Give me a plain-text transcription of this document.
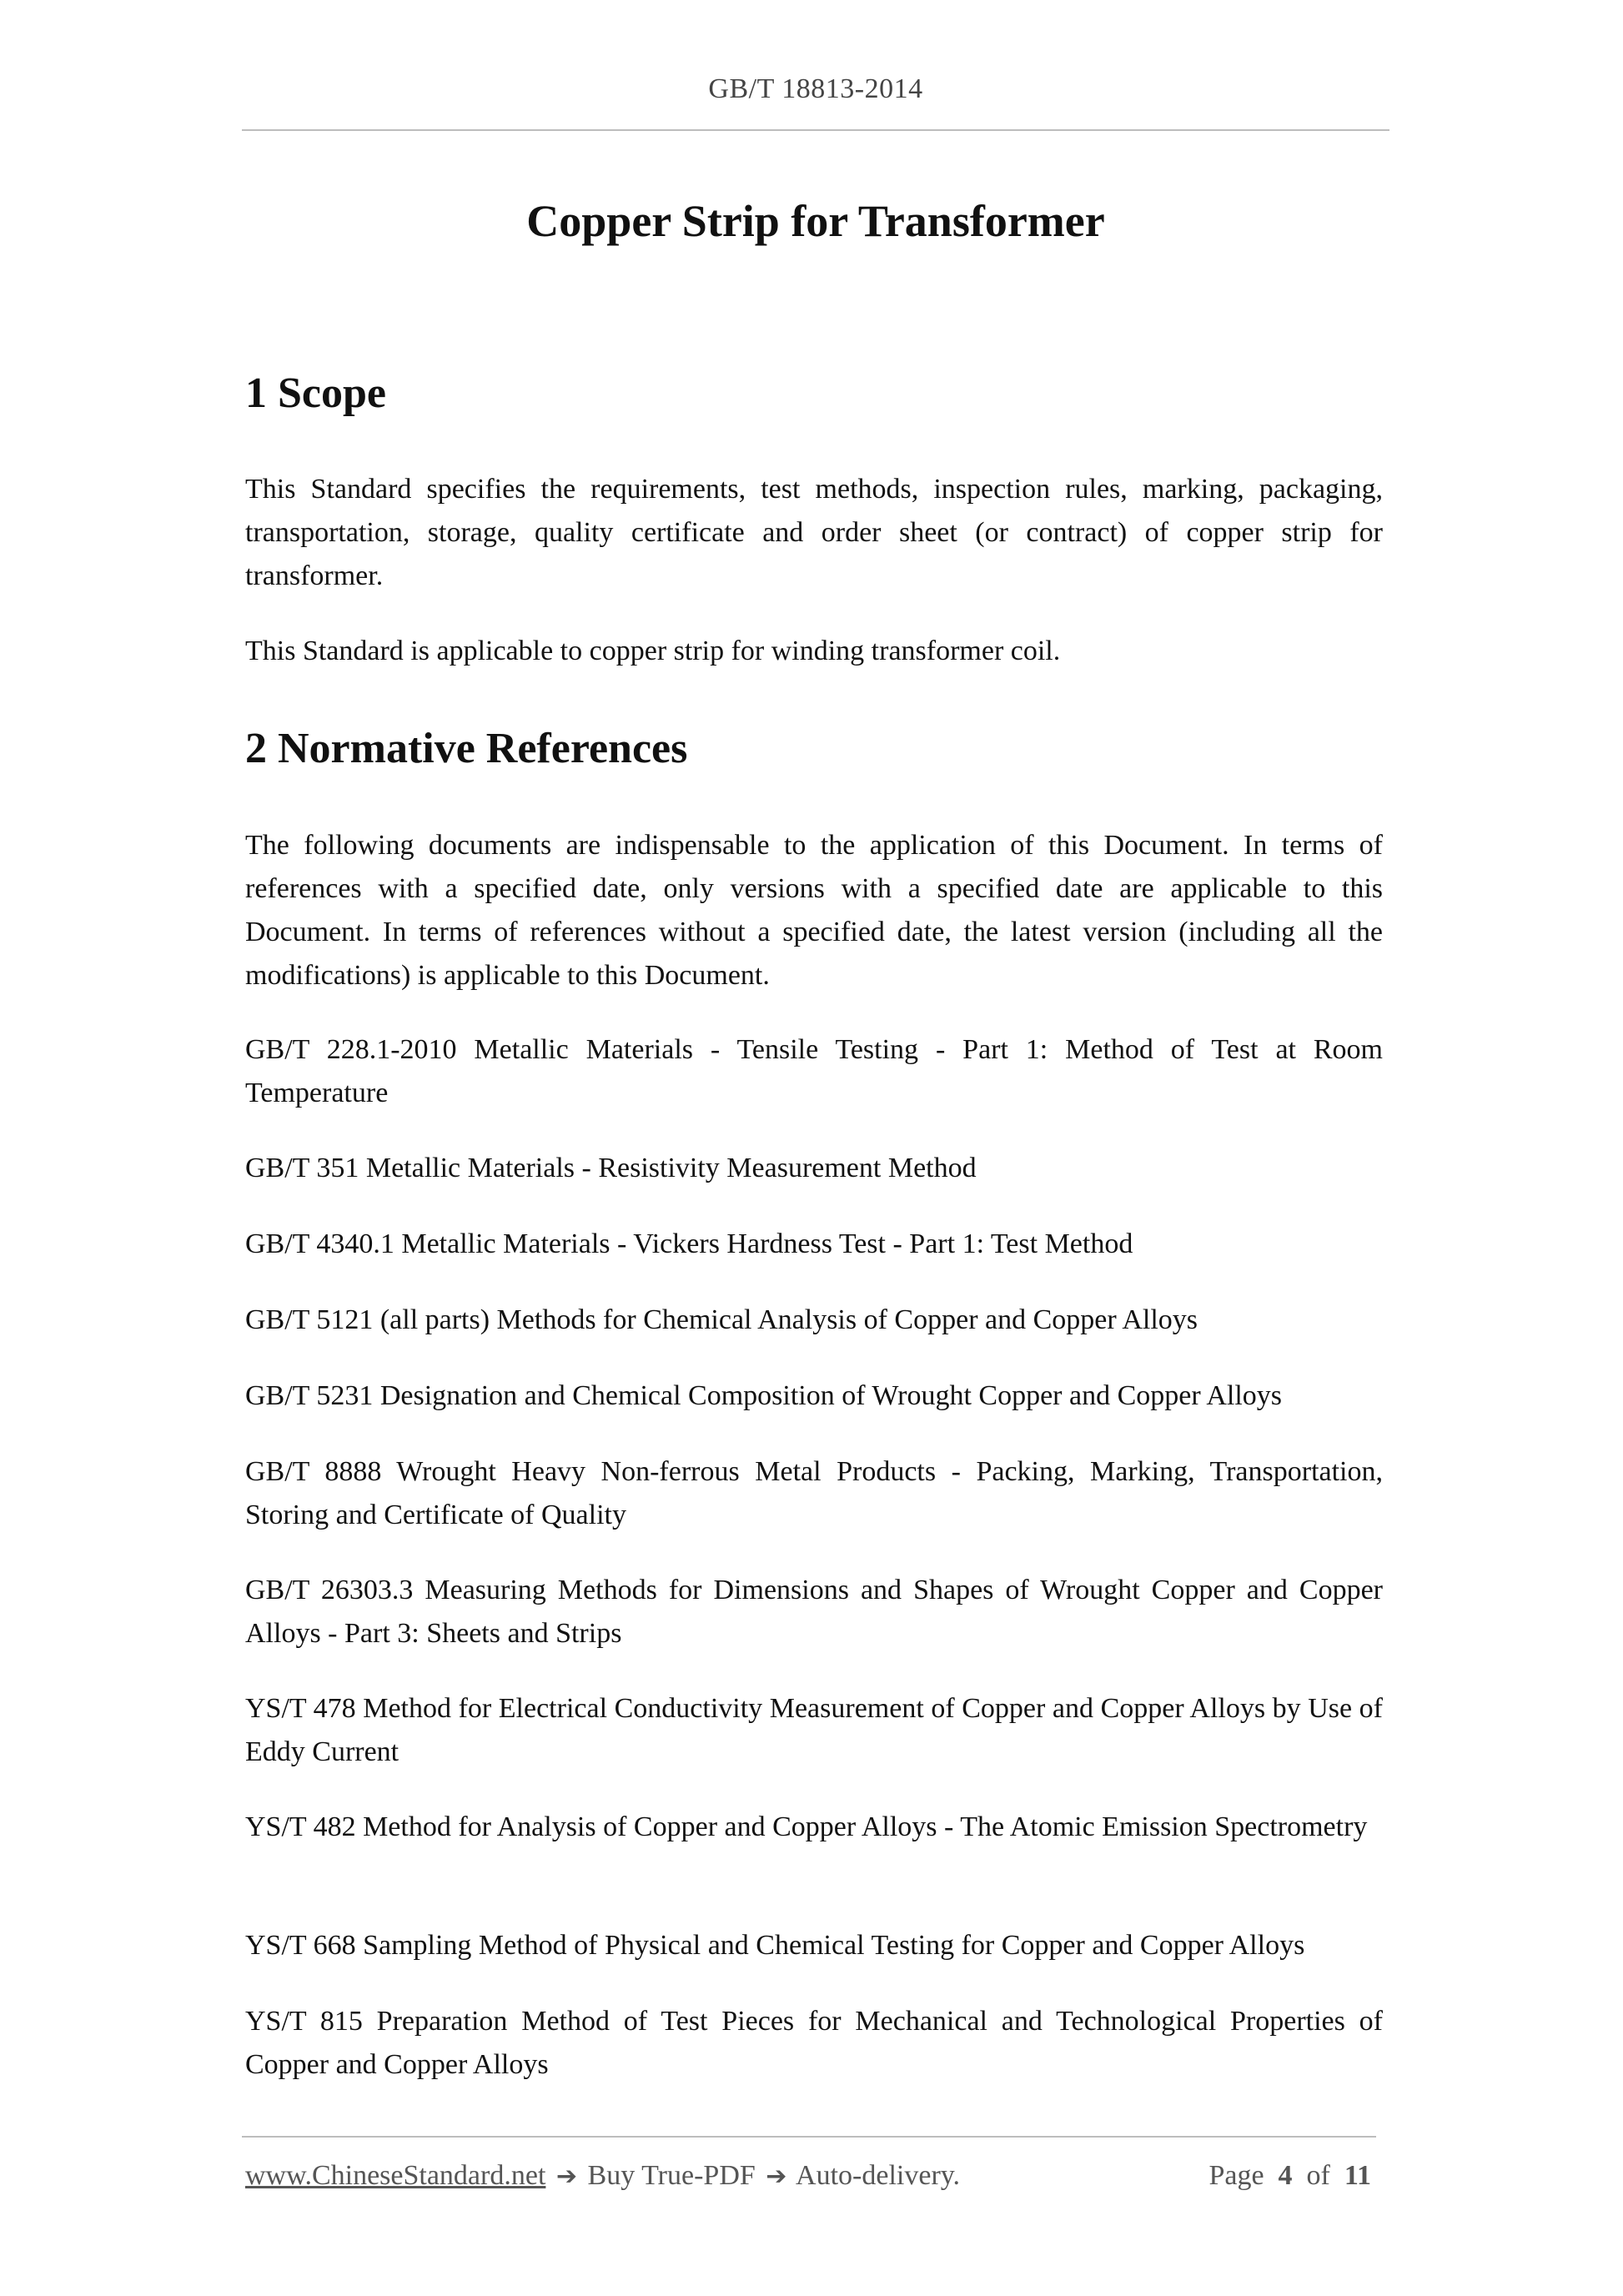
GB/T 18813-2014
Copper Strip for Transformer
1 Scope

This Standard specifies the requirements, test methods, inspection rules, marking, packaging, transportation, storage, quality certificate and order sheet (or contract) of copper strip for transformer.

This Standard is applicable to copper strip for winding transformer coil.

2 Normative References

The following documents are indispensable to the application of this Document. In terms of references with a specified date, only versions with a specified date are applicable to this Document. In terms of references without a specified date, the latest version (including all the modifications) is applicable to this Document.

GB/T 228.1-2010 Metallic Materials - Tensile Testing - Part 1: Method of Test at Room Temperature

GB/T 351 Metallic Materials - Resistivity Measurement Method

GB/T 4340.1 Metallic Materials - Vickers Hardness Test - Part 1: Test Method

GB/T 5121 (all parts) Methods for Chemical Analysis of Copper and Copper Alloys

GB/T 5231 Designation and Chemical Composition of Wrought Copper and Copper Alloys

GB/T 8888 Wrought Heavy Non-ferrous Metal Products - Packing, Marking, Transportation, Storing and Certificate of Quality

GB/T 26303.3 Measuring Methods for Dimensions and Shapes of Wrought Copper and Copper Alloys - Part 3: Sheets and Strips

YS/T 478 Method for Electrical Conductivity Measurement of Copper and Copper Alloys by Use of Eddy Current

YS/T 482 Method for Analysis of Copper and Copper Alloys - The Atomic Emission Spectrometry

YS/T 668 Sampling Method of Physical and Chemical Testing for Copper and Copper Alloys

YS/T 815 Preparation Method of Test Pieces for Mechanical and Technological Properties of Copper and Copper Alloys

www.ChineseStandard.net ➔ Buy True-PDF ➔ Auto-delivery.	Page 4 of 11
